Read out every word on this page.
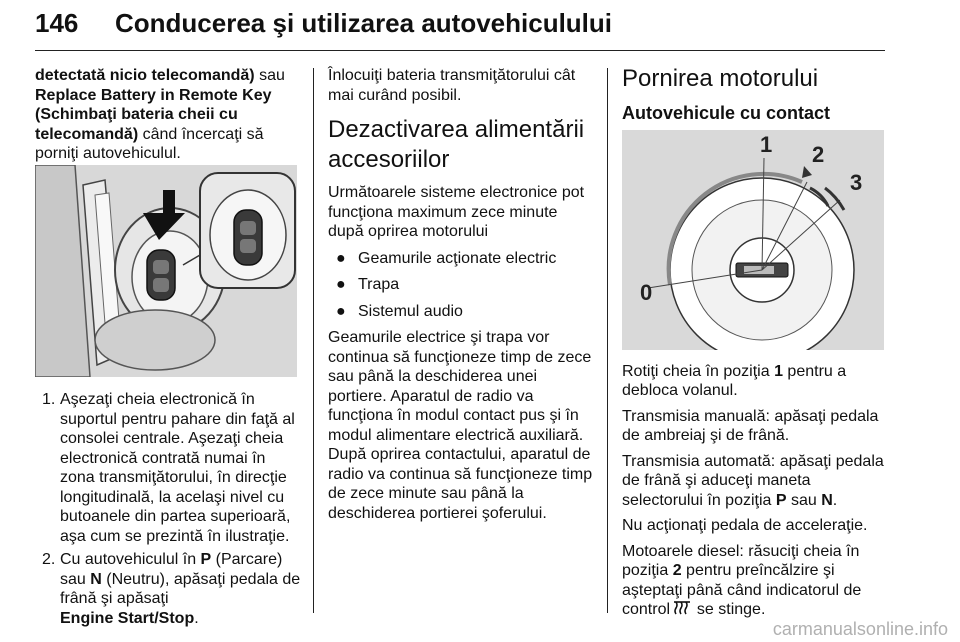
146 Conducerea şi utilizarea autovehiculului

detectată nicio telecomandă) sau
Replace Battery in Remote Key (Schimbaţi bateria cheii cu telecomandă) când încercaţi să porniţi autovehiculul.

1. Aşezaţi cheia electronică în suportul pentru pahare din faţă al consolei centrale. Aşezaţi cheia electronică contrată numai în zona transmiţătorului, în direcţie longitudinală, la acelaşi nivel cu butoanele din partea superioară, aşa cum se prezintă în ilustraţie.
2. Cu autovehiculul în P (Parcare) sau N (Neutru), apăsaţi pedala de frână şi apăsaţi
Engine Start/Stop.

Înlocuiţi bateria transmiţătorului cât mai curând posibil.

Dezactivarea alimentării accesoriilor

Următoarele sisteme electronice pot funcţiona maximum zece minute după oprirea motorului

● Geamurile acţionate electric
● Trapa
● Sistemul audio

Geamurile electrice şi trapa vor continua să funcţioneze timp de zece sau până la deschiderea unei portiere. Aparatul de radio va funcţiona în modul contact pus şi în modul alimentare electrică auxiliară. După oprirea contactului, aparatul de radio va continua să funcţioneze timp de zece minute sau până la deschiderea portierei şoferului.

Pornirea motorului
Autovehicule cu contact
0
1 2
3

Rotiţi cheia în poziţia 1 pentru a debloca volanul.

Transmisia manuală: apăsaţi pedala de ambreiaj şi de frână.

Transmisia automată: apăsaţi pedala de frână şi aduceţi maneta selectorului în poziţia P sau N.

Nu acţionaţi pedala de acceleraţie.

Motoarele diesel: răsuciţi cheia în poziţia 2 pentru preîncălzire şi aşteptaţi până când indicatorul de control  se stinge.

carmanualsonline.info
